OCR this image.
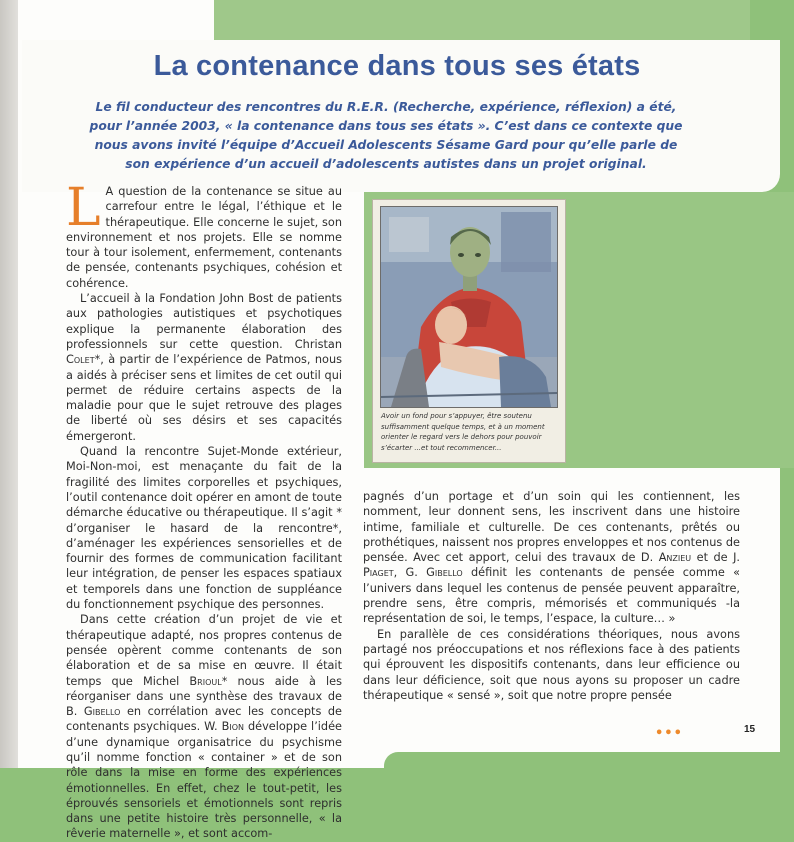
La contenance dans tous ses états

Le fil conducteur des rencontres du R.E.R. (Recherche, expérience, réflexion) a été, pour l’année 2003, « la contenance dans tous ses états ». C’est dans ce contexte que nous avons invité l’équipe d’Accueil Adolescents Sésame Gard pour qu’elle parle de son expérience d’un accueil d’adolescents autistes dans un projet original.

L A question de la contenance se situe au carrefour entre le légal, l’éthique et le thérapeutique. Elle concerne le sujet, son environnement et nos projets. Elle se nomme tour à tour isolement, enfermement, contenants de pensée, contenants psychiques, cohésion et cohérence.

L’accueil à la Fondation John Bost de patients aux pathologies autistiques et psychotiques explique la permanente élaboration des professionnels sur cette question. Christan Colet*, à partir de l’expérience de Patmos, nous a aidés à préciser sens et limites de cet outil qui permet de réduire certains aspects de la maladie pour que le sujet retrouve des plages de liberté où ses désirs et ses capacités émergeront.

Quand la rencontre Sujet-Monde extérieur, Moi-Non-moi, est menaçante du fait de la fragilité des limites corporelles et psychiques, l’outil contenance doit opérer en amont de toute démarche éducative ou thérapeutique. Il s’agit * d’organiser le hasard de la rencontre*, d’aménager les expériences sensorielles et de fournir des formes de communication facilitant leur intégration, de penser les espaces spatiaux et temporels dans une fonction de suppléance du fonctionnement psychique des personnes.

Dans cette création d’un projet de vie et thérapeutique adapté, nos propres contenus de pensée opèrent comme contenants de son élaboration et de sa mise en œuvre. Il était temps que Michel Brioul* nous aide à les réorganiser dans une synthèse des travaux de B. Gibello en corrélation avec les concepts de contenants psychiques. W. Bion développe l’idée d’une dynamique organisatrice du psychisme qu’il nomme fonction « container » et de son rôle dans la mise en forme des expériences émotionnelles. En effet, chez le tout-petit, les éprouvés sensoriels et émotionnels sont repris dans une petite histoire très personnelle, « la rêverie maternelle », et sont accom-

Avoir un fond pour s’appuyer, être soutenu suffisamment quelque temps, et à un moment orienter le regard vers le dehors pour pouvoir s’écarter ...et tout recommencer...

pagnés d’un portage et d’un soin qui les contiennent, les nomment, leur donnent sens, les inscrivent dans une histoire intime, familiale et culturelle. De ces contenants, prêtés ou prothétiques, naissent nos propres enveloppes et nos contenus de pensée. Avec cet apport, celui des travaux de D. Anzieu et de J. Piaget, G. Gibello définit les contenants de pensée comme « l’univers dans lequel les contenus de pensée peuvent apparaître, prendre sens, être compris, mémorisés et communiqués -la représentation de soi, le temps, l’espace, la culture… »

En parallèle de ces considérations théoriques, nous avons partagé nos préoccupations et nos réflexions face à des patients qui éprouvent les dispositifs contenants, dans leur efficience ou dans leur déficience, soit que nous ayons su proposer un cadre thérapeutique « sensé », soit que notre propre pensée

•••	15
